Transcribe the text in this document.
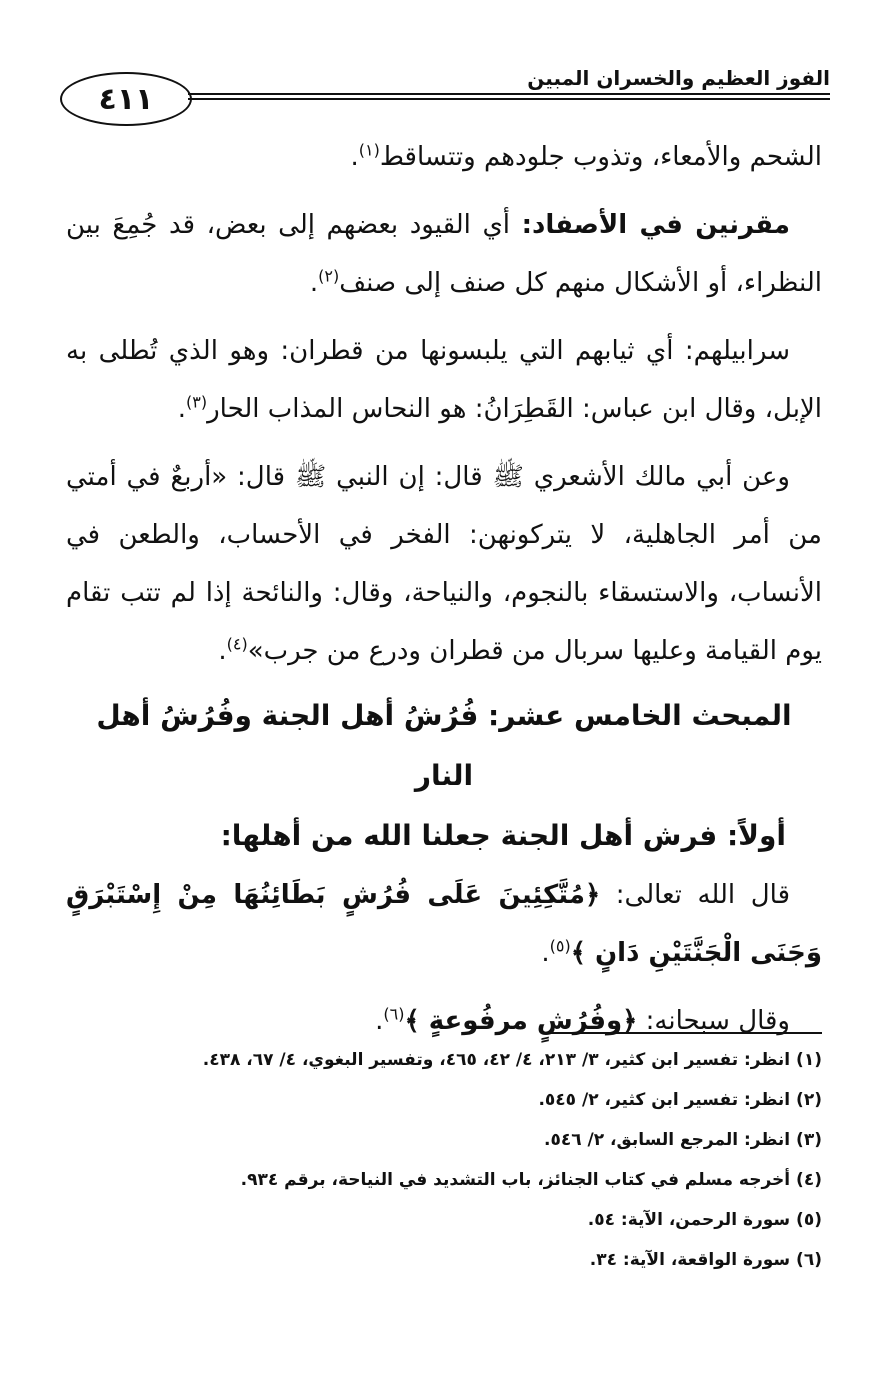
٤١١
الفوز العظيم والخسران المبين

الشحم والأمعاء، وتذوب جلودهم وتتساقط$^{(١)}$.

مقرنين في الأصفاد: أي القيود بعضهم إلى بعض، قد جُمِعَ بين النظراء، أو الأشكال منهم كل صنف إلى صنف$^{(٢)}$.

سرابيلهم: أي ثيابهم التي يلبسونها من قطران: وهو الذي تُطلى به الإبل، وقال ابن عباس: القَطِرَانُ: هو النحاس المذاب الحار$^{(٣)}$.

وعن أبي مالك الأشعري ﷺ قال: إن النبي ﷺ قال: «أربعٌ في أمتي من أمر الجاهلية، لا يتركونهن: الفخر في الأحساب، والطعن في الأنساب، والاستسقاء بالنجوم، والنياحة، وقال: والنائحة إذا لم تتب تقام يوم القيامة وعليها سربال من قطران ودرع من جرب»$^{(٤)}$.

المبحث الخامس عشر: فُرُشُ أهل الجنة وفُرُشُ أهل النار
أولاً: فرش أهل الجنة جعلنا الله من أهلها:

قال الله تعالى: ﴿مُتَّكِئِينَ عَلَى فُرُشٍ بَطَائِنُهَا مِنْ إِسْتَبْرَقٍ وَجَنَى الْجَنَّتَيْنِ دَانٍ ﴾$^{(٥)}$.

وقال سبحانه: ﴿وفُرُشٍ مرفُوعةٍ ﴾$^{(٦)}$.

(١) انظر: تفسير ابن كثير، ٣/ ٢١٣، ٤/ ٤٢، ٤٦٥، وتفسير البغوي، ٤/ ٦٧، ٤٣٨.

(٢) انظر: تفسير ابن كثير، ٢/ ٥٤٥.

(٣) انظر: المرجع السابق، ٢/ ٥٤٦.

(٤) أخرجه مسلم في كتاب الجنائز، باب التشديد في النياحة، برقم ٩٣٤.

(٥) سورة الرحمن، الآية: ٥٤.

(٦) سورة الواقعة، الآية: ٣٤.
